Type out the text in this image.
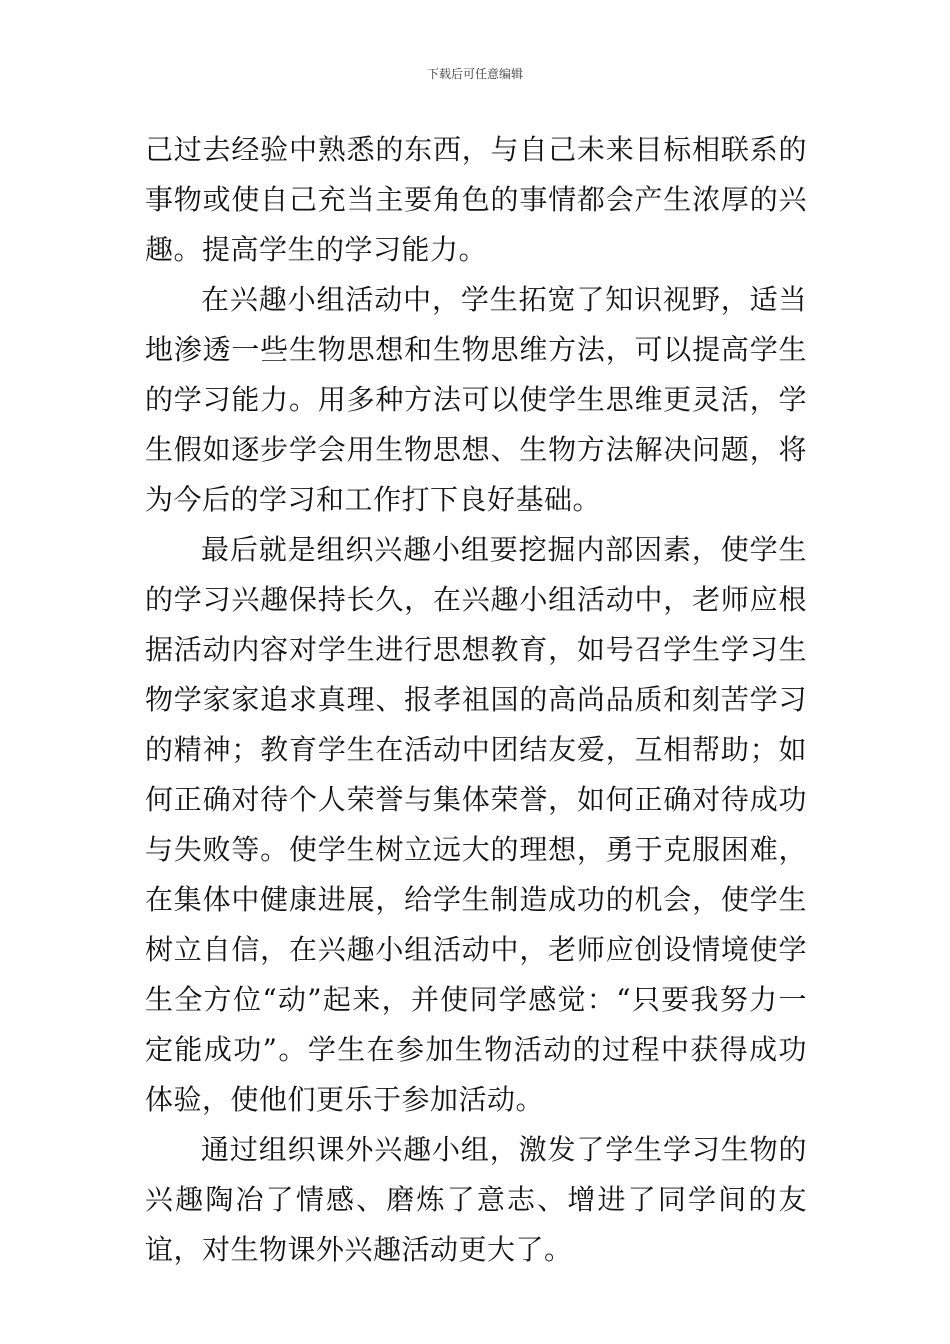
下载后可任意编辑

己过去经验中熟悉的东西，与自己未来目标相联系的事物或使自己充当主要角色的事情都会产生浓厚的兴趣。提高学生的学习能力。

在兴趣小组活动中，学生拓宽了知识视野，适当地渗透一些生物思想和生物思维方法，可以提高学生的学习能力。用多种方法可以使学生思维更灵活，学生假如逐步学会用生物思想、生物方法解决问题，将为今后的学习和工作打下良好基础。

最后就是组织兴趣小组要挖掘内部因素，使学生的学习兴趣保持长久，在兴趣小组活动中，老师应根据活动内容对学生进行思想教育，如号召学生学习生物学家家追求真理、报孝祖国的高尚品质和刻苦学习的精神；教育学生在活动中团结友爱，互相帮助；如何正确对待个人荣誉与集体荣誉，如何正确对待成功与失败等。使学生树立远大的理想，勇于克服困难，在集体中健康进展，给学生制造成功的机会，使学生树立自信，在兴趣小组活动中，老师应创设情境使学生全方位“动”起来，并使同学感觉：“只要我努力一定能成功”。学生在参加生物活动的过程中获得成功体验，使他们更乐于参加活动。

通过组织课外兴趣小组，激发了学生学习生物的兴趣陶冶了情感、磨炼了意志、增进了同学间的友谊，对生物课外兴趣活动更大了。
